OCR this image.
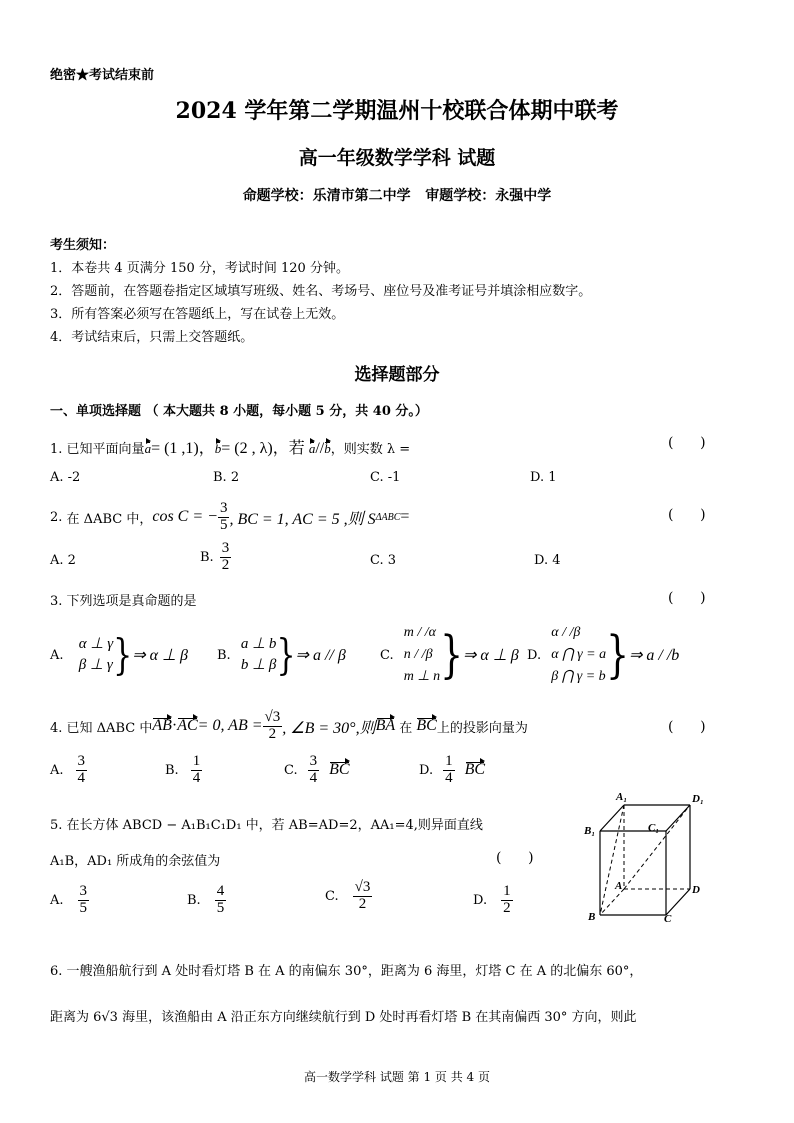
绝密★考试结束前
2024 学年第二学期温州十校联合体期中联考
高一年级数学学科 试题
命题学校：乐清市第二中学   审题学校：永强中学
考生须知：
1．本卷共 4 页满分 150 分，考试时间 120 分钟。
2．答题前，在答题卷指定区域填写班级、姓名、考场号、座位号及准考证号并填涂相应数字。
3．所有答案必须写在答题纸上，写在试卷上无效。
4．考试结束后，只需上交答题纸。
选择题部分
一、单项选择题 （ 本大题共 8 小题，每小题 5 分，共 40 分。）
1. 已知平面向量a= (1 ,1)，b= (2 , λ)，若 a//b，则实数 λ =	(      )
A. -2	B. 2	C. -1	D. 1
2.
在 ΔABC 中， cos C = − $\frac{3}{5}$ , BC = 1, AC = 5 ,则 S ΔABC =	(      )
A. 2	B. $\frac{3}{2}$	C. 3	D. 4
3. 下列选项是真命题的是	(      )
A.

α ⊥ γ
β ⊥ γ } ⇒ α ⊥ β B.

a ⊥ b
b ⊥ β } ⇒ a // β	C.

m / /α
n / /β
m ⊥ n } ⇒ α ⊥ β D.

α / /β
α ⋂ γ = a
β ⋂ γ = b } ⇒ a / /b
4. 已知 ΔABC 中 AB · AC = 0, AB = $\frac{√3}{2}$ , ∠B = 30°,则 BA 在 BC 上的投影向量为	(      )
A. $\frac{3}{4}$	B. $\frac{1}{4}$	C. $\frac{3}{4}$ BC	D. $\frac{1}{4}$ BC
5. 在长方体 ABCD − A₁B₁C₁D₁ 中，若 AB=AD=2，AA₁=4,则异面直线
A₁B，AD₁ 所成角的余弦值为	(      )
A. $\frac{3}{5}$	B. $\frac{4}{5}$	C. $\frac{√3}{2}$	D. $\frac{1}{2}$
A₁	D₁
B₁	C₁
A	D
B	C
6. 一艘渔船航行到 A 处时看灯塔 B 在 A 的南偏东 30°，距离为 6 海里，灯塔 C 在 A 的北偏东 60°，
距离为 6√3 海里，该渔船由 A 沿正东方向继续航行到 D 处时再看灯塔 B 在其南偏西 30° 方向，则此
高一数学学科 试题 第 1 页 共 4 页
